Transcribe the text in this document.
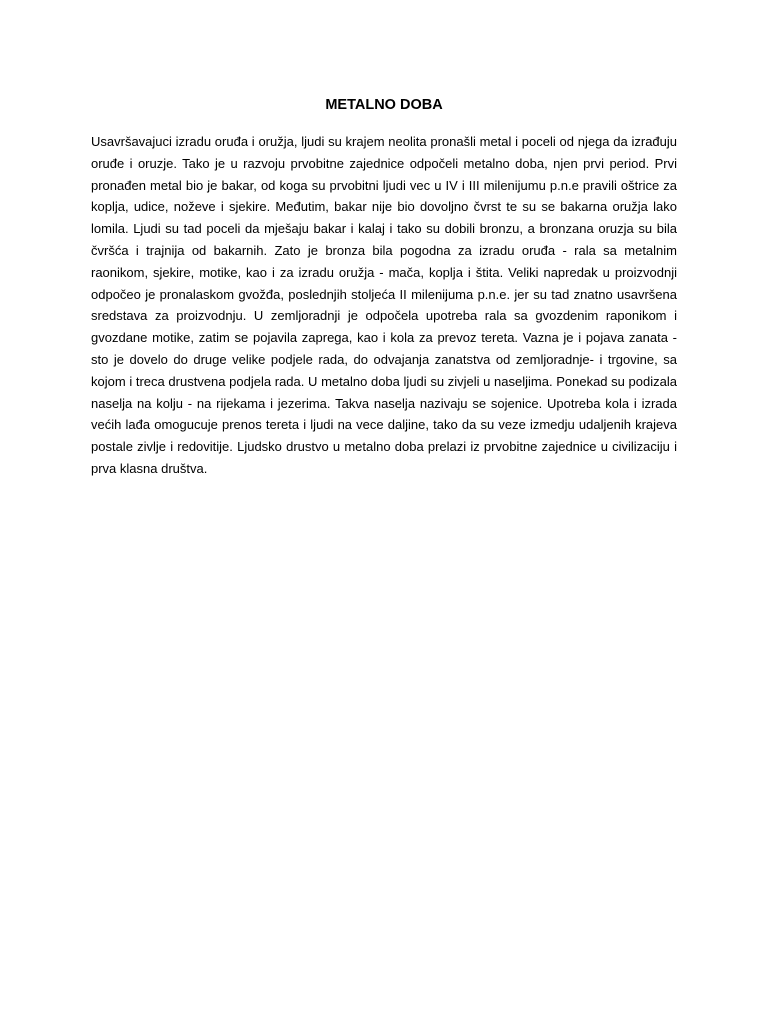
METALNO DOBA

Usavršavajuci izradu oruđa i oružja, ljudi su krajem neolita pronašli metal i poceli od njega da izrađuju oruđe i oruzje. Tako je u razvoju prvobitne zajednice odpočeli metalno doba, njen prvi period. Prvi pronađen metal bio je bakar, od koga su prvobitni ljudi vec u IV i III milenijumu p.n.e pravili oštrice za koplja, udice, noževe i sjekire. Međutim, bakar nije bio dovoljno čvrst te su se bakarna oružja lako lomila. Ljudi su tad poceli da mješaju bakar i kalaj i tako su dobili bronzu, a bronzana oruzja su bila čvršća i trajnija od bakarnih. Zato je bronza bila pogodna za izradu oruđa - rala sa metalnim raonikom, sjekire, motike, kao i za izradu oružja - mača, koplja i štita. Veliki napredak u proizvodnji odpočeo je pronalaskom gvožđa, poslednjih stoljeća II milenijuma p.n.e. jer su tad znatno usavršena sredstava za proizvodnju. U zemljoradnji je odpočela upotreba rala sa gvozdenim raponikom i gvozdane motike, zatim se pojavila zaprega, kao i kola za prevoz tereta. Vazna je i pojava zanata - sto je dovelo do druge velike podjele rada, do odvajanja zanatstva od zemljoradnje- i trgovine, sa kojom i treca drustvena podjela rada. U metalno doba ljudi su zivjeli u naseljima. Ponekad su podizala naselja na kolju - na rijekama i jezerima. Takva naselja nazivaju se sojenice. Upotreba kola i izrada većih lađa omogucuje prenos tereta i ljudi na vece daljine, tako da su veze izmedju udaljenih krajeva postale zivlje i redovitije. Ljudsko drustvo u metalno doba prelazi iz prvobitne zajednice u civilizaciju i prva klasna društva.
